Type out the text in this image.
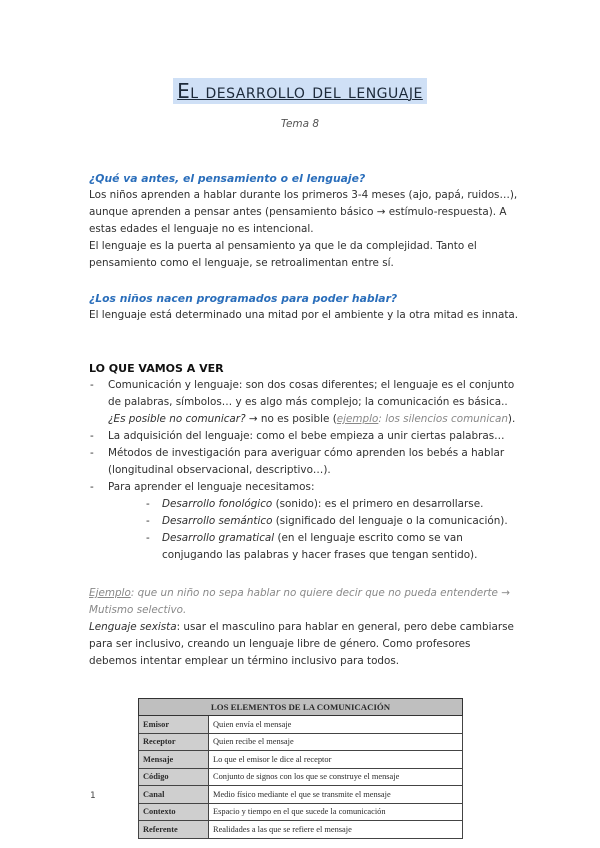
El desarrollo del lenguaje
Tema 8

¿Qué va antes, el pensamiento o el lenguaje?

Los niños aprenden a hablar durante los primeros 3-4 meses (ajo, papá, ruidos…), aunque aprenden a pensar antes (pensamiento básico → estímulo-respuesta). A estas edades el lenguaje no es intencional.

El lenguaje es la puerta al pensamiento ya que le da complejidad. Tanto el pensamiento como el lenguaje, se retroalimentan entre sí.

¿Los niños nacen programados para poder hablar?

El lenguaje está determinado una mitad por el ambiente y la otra mitad es innata.

LO QUE VAMOS A VER

- Comunicación y lenguaje: son dos cosas diferentes; el lenguaje es el conjunto de palabras, símbolos… y es algo más complejo; la comunicación es básica..
¿Es posible no comunicar? → no es posible (ejemplo: los silencios comunican).
- La adquisición del lenguaje: como el bebe empieza a unir ciertas palabras…
- Métodos de investigación para averiguar cómo aprenden los bebés a hablar (longitudinal observacional, descriptivo…).
- Para aprender el lenguaje necesitamos:
- Desarrollo fonológico (sonido): es el primero en desarrollarse.
- Desarrollo semántico (significado del lenguaje o la comunicación).
- Desarrollo gramatical (en el lenguaje escrito como se van conjugando las palabras y hacer frases que tengan sentido).

Ejemplo: que un niño no sepa hablar no quiere decir que no pueda entenderte → Mutismo selectivo.

Lenguaje sexista: usar el masculino para hablar en general, pero debe cambiarse para ser inclusivo, creando un lenguaje libre de género. Como profesores debemos intentar emplear un término inclusivo para todos.

LOS ELEMENTOS DE LA COMUNICACIÓN	
Emisor	Quien envía el mensaje
Receptor	Quien recibe el mensaje
Mensaje	Lo que el emisor le dice al receptor
Código	Conjunto de signos con los que se construye el mensaje
Canal	Medio físico mediante el que se transmite el mensaje
Contexto	Espacio y tiempo en el que sucede la comunicación
Referente	Realidades a las que se refiere el mensaje
1
